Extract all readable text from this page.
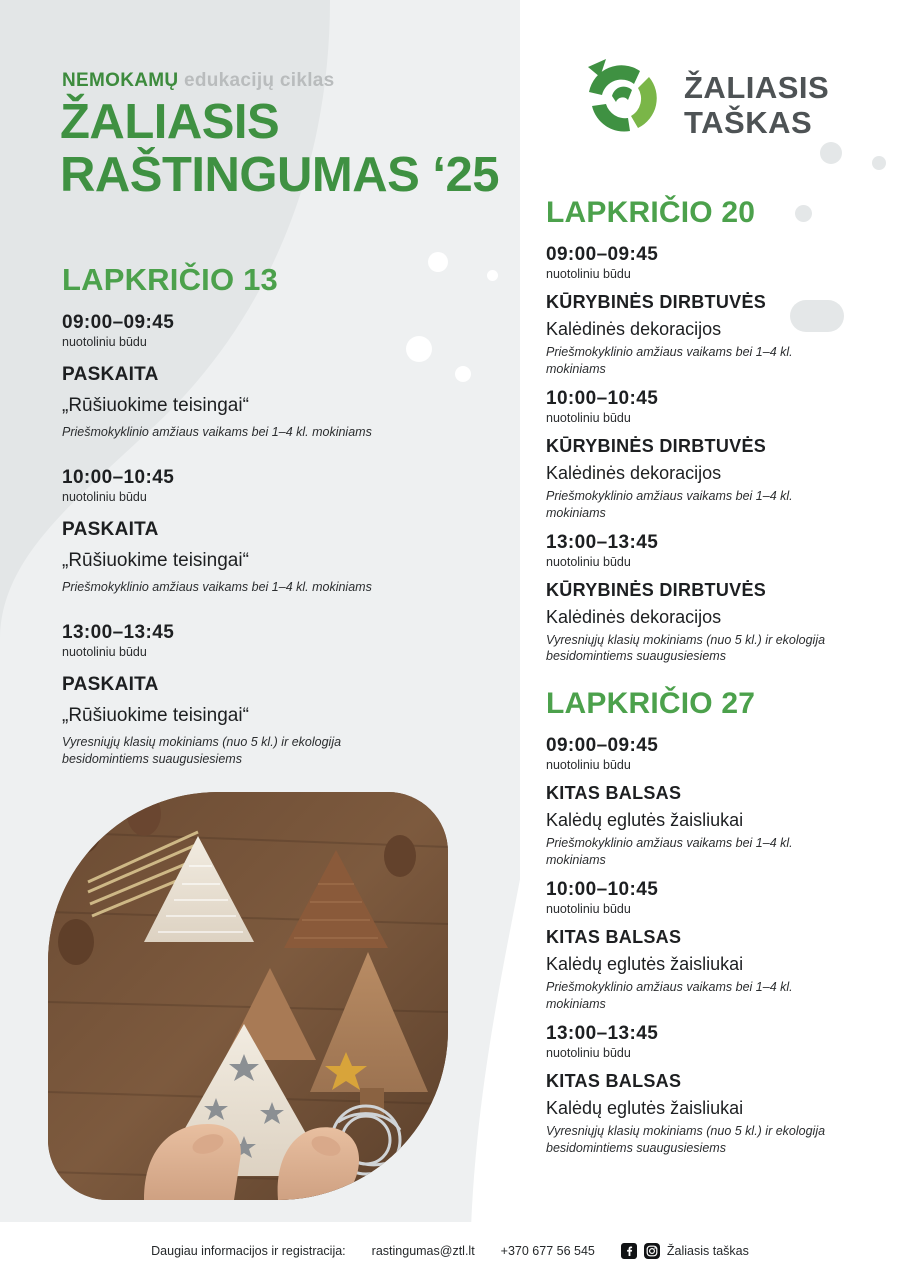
NEMOKAMŲ edukacijų ciklas
ŽALIASIS
RAŠTINGUMAS ‘25
ŽALIASIS
TAŠKAS
LAPKRIČIO 13
09:00–09:45
nuotoliniu būdu
PASKAITA
„Rūšiuokime teisingai“
Priešmokyklinio amžiaus vaikams bei 1–4 kl. mokiniams
10:00–10:45
nuotoliniu būdu
PASKAITA
„Rūšiuokime teisingai“
Priešmokyklinio amžiaus vaikams bei 1–4 kl. mokiniams
13:00–13:45
nuotoliniu būdu
PASKAITA
„Rūšiuokime teisingai“
Vyresniųjų klasių mokiniams (nuo 5 kl.) ir ekologija besidomintiems suaugusiesiems
LAPKRIČIO 20
09:00–09:45
nuotoliniu būdu
KŪRYBINĖS DIRBTUVĖS
Kalėdinės dekoracijos
Priešmokyklinio amžiaus vaikams bei 1–4 kl. mokiniams
10:00–10:45
nuotoliniu būdu
KŪRYBINĖS DIRBTUVĖS
Kalėdinės dekoracijos
Priešmokyklinio amžiaus vaikams bei 1–4 kl. mokiniams
13:00–13:45
nuotoliniu būdu
KŪRYBINĖS DIRBTUVĖS
Kalėdinės dekoracijos
Vyresniųjų klasių mokiniams (nuo 5 kl.) ir ekologija besidomintiems suaugusiesiems
LAPKRIČIO 27
09:00–09:45
nuotoliniu būdu
KITAS BALSAS
Kalėdų eglutės žaisliukai
Priešmokyklinio amžiaus vaikams bei 1–4 kl. mokiniams
10:00–10:45
nuotoliniu būdu
KITAS BALSAS
Kalėdų eglutės žaisliukai
Priešmokyklinio amžiaus vaikams bei 1–4 kl. mokiniams
13:00–13:45
nuotoliniu būdu
KITAS BALSAS
Kalėdų eglutės žaisliukai
Vyresniųjų klasių mokiniams (nuo 5 kl.) ir ekologija besidomintiems suaugusiesiems
Daugiau informacijos ir registracija: rastingumas@ztl.lt +370 677 56 545	Žaliasis taškas
